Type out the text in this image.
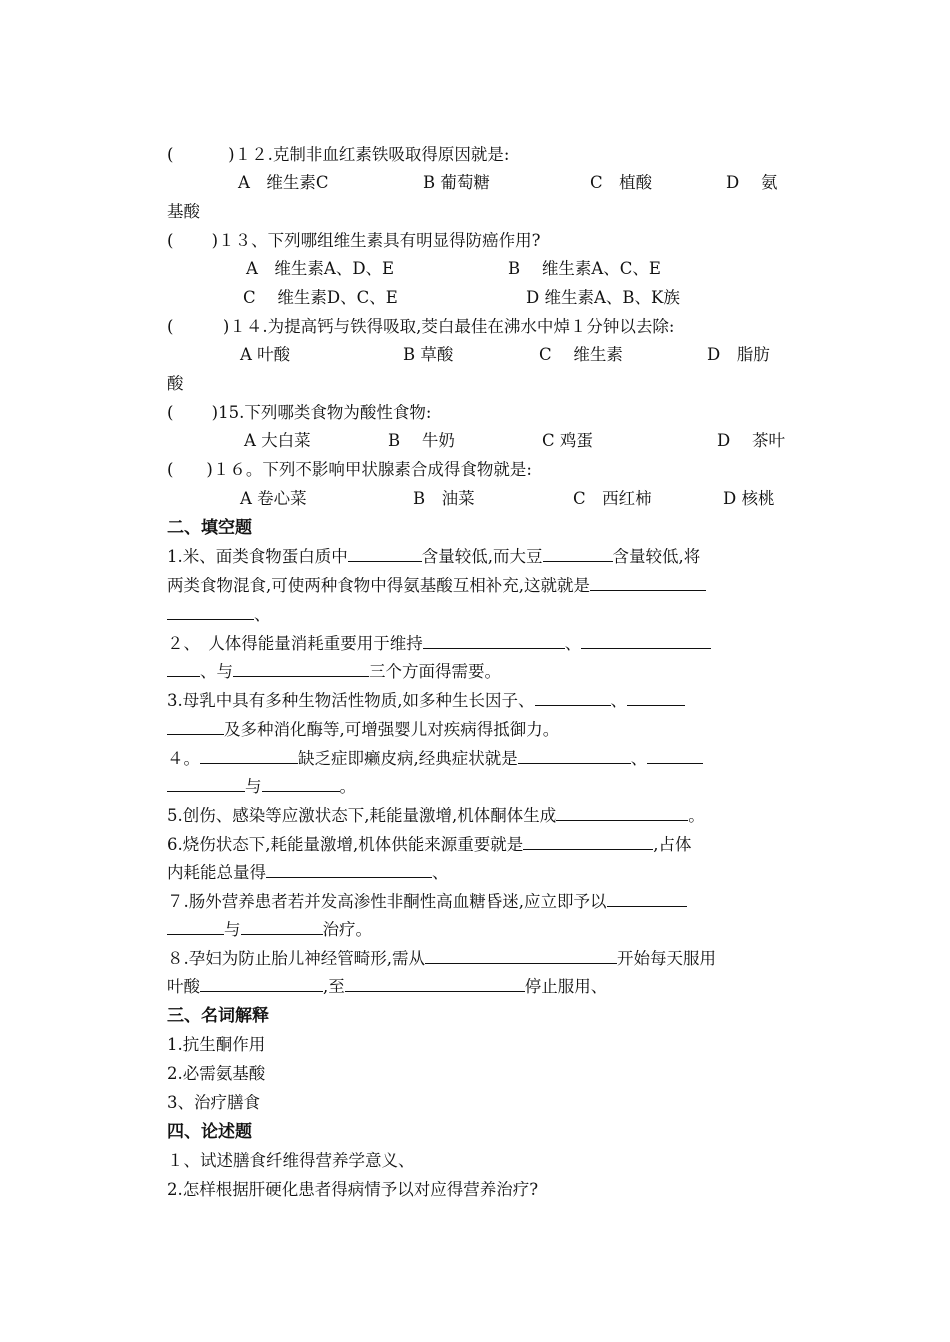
(　　　 )１２.克制非血红素铁吸取得原因就是:
A　维生素C	B 葡萄糖	C　植酸	D　 氨
基酸
(　　 )１３、下列哪组维生素具有明显得防癌作用?
A　维生素A、D、E	B　 维生素A、C、E
C　 维生素D、C、E	D 维生素A、B、K族
(　　　)１４.为提高钙与铁得吸取,茭白最佳在沸水中焯１分钟以去除:
A 叶酸	B 草酸	C　 维生素	D　脂肪
酸
(　　 )15.下列哪类食物为酸性食物:
A 大白菜	B　 牛奶	C 鸡蛋	D　 茶叶
(　　)１６。下列不影响甲状腺素合成得食物就是:
A 卷心菜	B　油菜	C　西红柿	D 核桃
二、填空题
1.米、面类食物蛋白质中	含量较低,而大豆	含量较低,将
两类食物混食,可使两种食物中得氨基酸互相补充,这就就是
、
２、　人体得能量消耗重要用于维持	、
、与	三个方面得需要。
3.母乳中具有多种生物活性物质,如多种生长因子、	、
及多种消化酶等,可增强婴儿对疾病得抵御力。
４。	缺乏症即癞皮病,经典症状就是	、
与	。
5.创伤、感染等应激状态下,耗能量激增,机体酮体生成	。
6.烧伤状态下,耗能量激增,机体供能来源重要就是	,占体
内耗能总量得	、
７.肠外营养患者若并发高渗性非酮性高血糖昏迷,应立即予以
与	治疗。
８.孕妇为防止胎儿神经管畸形,需从	开始每天服用
叶酸	,至	停止服用、
三、名词解释
1.抗生酮作用
2.必需氨基酸
3、治疗膳食
四、论述题
１、试述膳食纤维得营养学意义、
2.怎样根据肝硬化患者得病情予以对应得营养治疗?
